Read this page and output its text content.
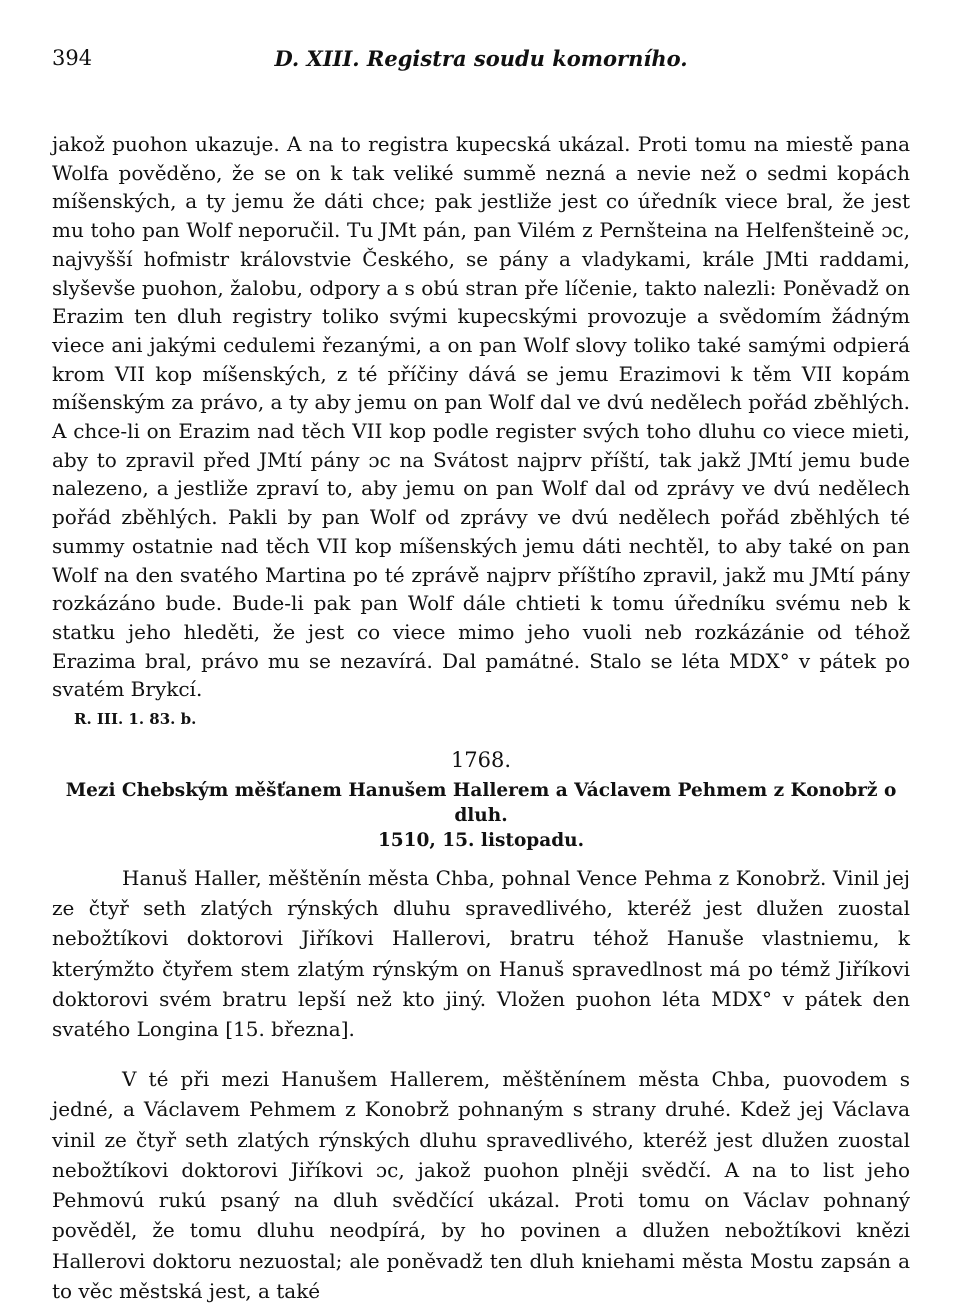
394	D. XIII. Registra soudu komorního.

jakož puohon ukazuje. A na to registra kupecská ukázal. Proti tomu na miestě pana Wolfa pověděno, že se on k tak veliké summě nezná a nevie než o sedmi kopách míšenských, a ty jemu že dáti chce; pak jestliže jest co úředník viece bral, že jest mu toho pan Wolf neporučil. Tu JMt pán, pan Vilém z Pernšteina na Helfenšteině ɔc, najvyšší hofmistr královstvie Českého, se pány a vladykami, krále JMti raddami, slyševše puohon, žalobu, odpory a s obú stran pře líčenie, takto nalezli: Poněvadž on Erazim ten dluh registry toliko svými kupecskými provozuje a svědomím žádným viece ani jakými cedulemi řezanými, a on pan Wolf slovy toliko také samými odpierá krom VII kop míšenských, z té příčiny dává se jemu Erazimovi k těm VII kopám míšenským za právo, a ty aby jemu on pan Wolf dal ve dvú nedělech pořád zběhlých. A chce-li on Erazim nad těch VII kop podle register svých toho dluhu co viece mieti, aby to zpravil před JMtí pány ɔc na Svátost najprv příští, tak jakž JMtí jemu bude nalezeno, a jestliže zpraví to, aby jemu on pan Wolf dal od zprávy ve dvú nedělech pořád zběhlých. Pakli by pan Wolf od zprávy ve dvú nedělech pořád zběhlých té summy ostatnie nad těch VII kop míšenských jemu dáti nechtěl, to aby také on pan Wolf na den svatého Martina po té zprávě najprv příštího zpravil, jakž mu JMtí pány rozkázáno bude. Bude-li pak pan Wolf dále chtieti k tomu úředníku svému neb k statku jeho hleděti, že jest co viece mimo jeho vuoli neb rozkázánie od téhož Erazima bral, právo mu se nezavírá. Dal památné. Stalo se léta MDX° v pátek po svatém Brykcí.

R. III. 1. 83. b.
1768.
Mezi Chebským měšťanem Hanušem Hallerem a Václavem Pehmem z Konobrž o dluh.
1510, 15. listopadu.

Hanuš Haller, měštěnín města Chba, pohnal Vence Pehma z Konobrž. Vinil jej ze čtyř seth zlatých rýnských dluhu spravedlivého, kteréž jest dlužen zuostal nebožtíkovi doktorovi Jiříkovi Hallerovi, bratru téhož Hanuše vlastniemu, k kterýmžto čtyřem stem zlatým rýnským on Hanuš spravedlnost má po témž Jiříkovi doktorovi svém bratru lepší než kto jiný. Vložen puohon léta MDX° v pátek den svatého Longina [15. března].

V té při mezi Hanušem Hallerem, měštěnínem města Chba, puovodem s jedné, a Václavem Pehmem z Konobrž pohnaným s strany druhé. Kdež jej Václava vinil ze čtyř seth zlatých rýnských dluhu spravedlivého, kteréž jest dlužen zuostal nebožtíkovi doktorovi Jiříkovi ɔc, jakož puohon plněji svědčí. A na to list jeho Pehmovú rukú psaný na dluh svědčící ukázal. Proti tomu on Václav pohnaný pověděl, že tomu dluhu neodpírá, by ho povinen a dlužen nebožtíkovi knězi Hallerovi doktoru nezuostal; ale poněvadž ten dluh kniehami města Mostu zapsán a to věc městská jest, a také
